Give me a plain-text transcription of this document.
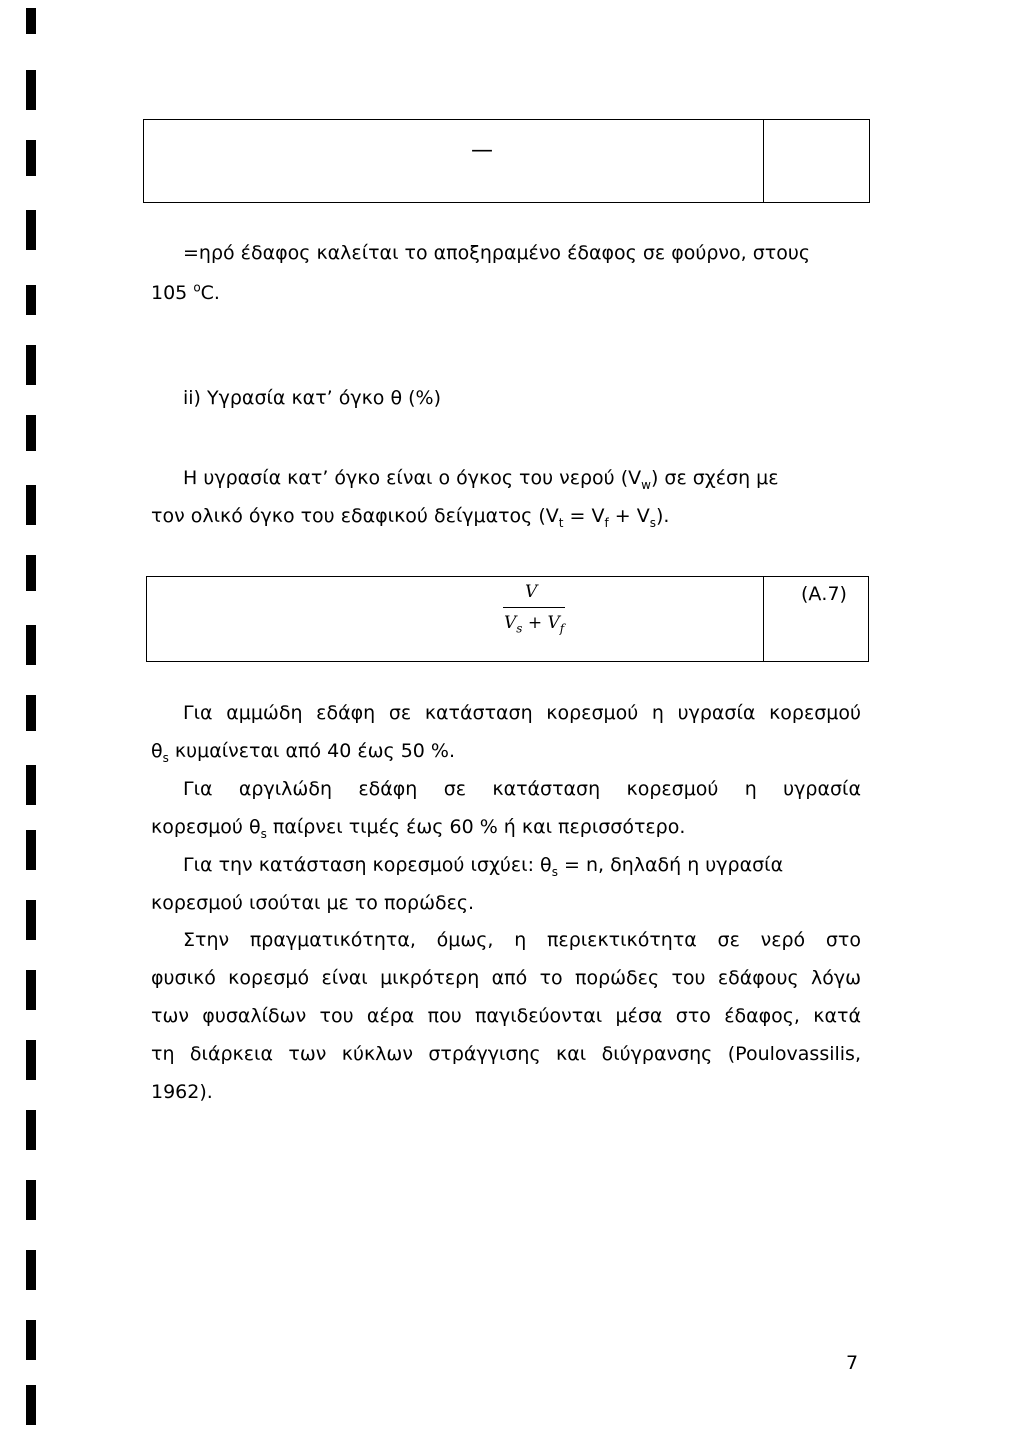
—
=ηρό έδαφος καλείται το αποξηραμένο έδαφος σε φούρνο, στους
105 $^o$C.
ii) Υγρασία κατ’ όγκο θ (%)
Η υγρασία κατ’ όγκο είναι ο όγκος του νερού $(V_w)$ σε σχέση με
τον ολικό όγκο του εδαφικού δείγματος $(V_t = V_f + V_s)$.
V
$V_s + V_f$
(Α.7)
Για αμμώδη εδάφη σε κατάσταση κορεσμού η υγρασία κορεσμού
$\theta_s$ κυμαίνεται από 40 έως 50 %.
Για αργιλώδη εδάφη σε κατάσταση κορεσμού η υγρασία
κορεσμού $\theta_s$ παίρνει τιμές έως 60 % ή και περισσότερο.
Για την κατάσταση κορεσμού ισχύει: $\theta_s = n$, δηλαδή η υγρασία
κορεσμού ισούται με το πορώδες.
Στην πραγματικότητα, όμως, η περιεκτικότητα σε νερό στο
φυσικό κορεσμό είναι μικρότερη από το πορώδες του εδάφους λόγω
των φυσαλίδων του αέρα που παγιδεύονται μέσα στο έδαφος, κατά
τη διάρκεια των κύκλων στράγγισης και διύγρανσης (Poulovassilis,
1962).
7
